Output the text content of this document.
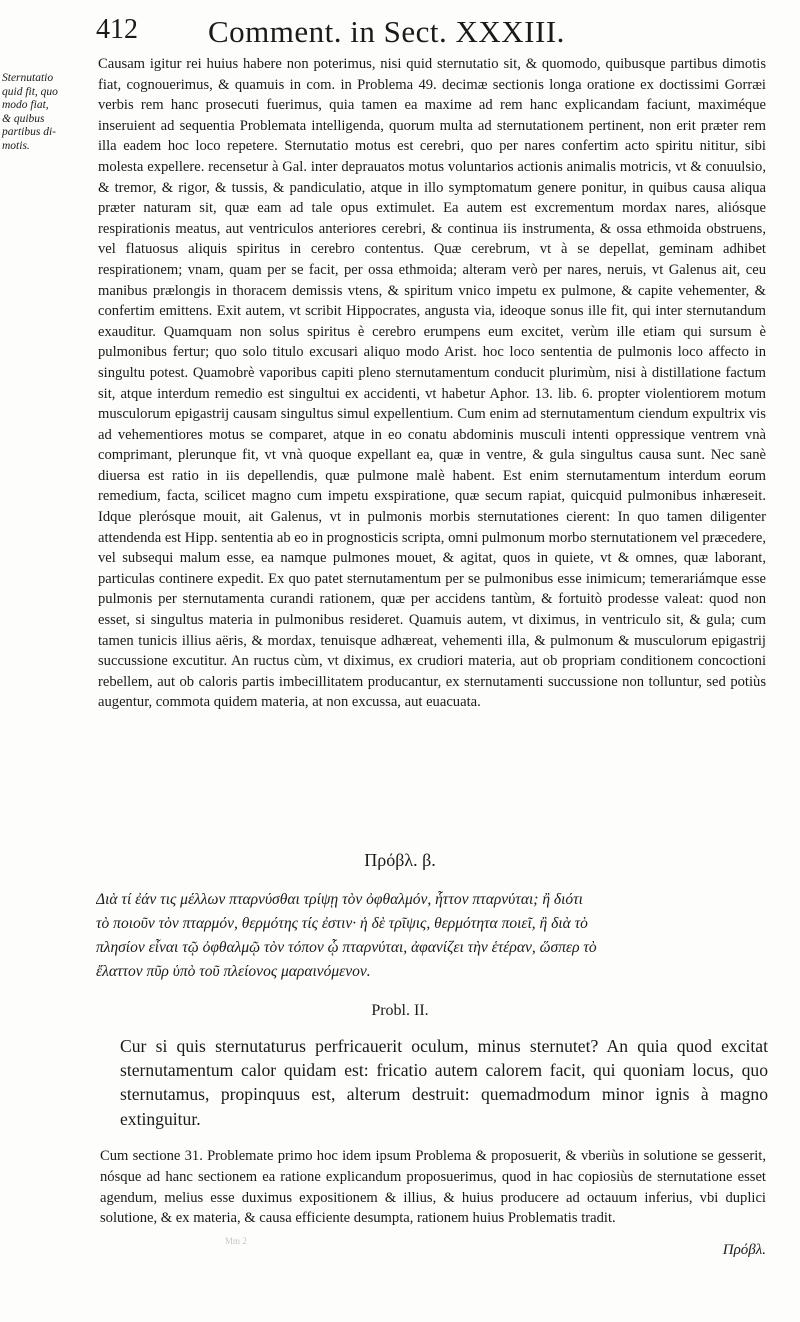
412 Comment. in Sect. XXXIII.
Sternutatio
quid fit, quo
modo fiat,
& quibus
partibus di-
motis.

Causam igitur rei huius habere non poterimus, nisi quid sternutatio sit, & quomodo, quibusque partibus dimotis fiat, cognouerimus, & quamuis in com. in Problema 49. decimæ sectionis longa oratione ex doctissimi Gorræi verbis rem hanc prosecuti fuerimus, quia tamen ea maxime ad rem hanc explicandam faciunt, maximéque inseruient ad sequentia Problemata intelligenda, quorum multa ad sternutationem pertinent, non erit præter rem illa eadem hoc loco repetere. Sternutatio motus est cerebri, quo per nares confertim acto spiritu nititur, sibi molesta expellere. recensetur à Gal. inter deprauatos motus voluntarios actionis animalis motricis, vt & conuulsio, & tremor, & rigor, & tussis, & pandiculatio, atque in illo symptomatum genere ponitur, in quibus causa aliqua præter naturam sit, quæ eam ad tale opus extimulet. Ea autem est excrementum mordax nares, aliósque respirationis meatus, aut ventriculos anteriores cerebri, & continua iis instrumenta, & ossa ethmoida obstruens, vel flatuosus aliquis spiritus in cerebro contentus. Quæ cerebrum, vt à se depellat, geminam adhibet respirationem; vnam, quam per se facit, per ossa ethmoida; alteram verò per nares, neruis, vt Galenus ait, ceu manibus prælongis in thoracem demissis vtens, & spiritum vnico impetu ex pulmone, & capite vehementer, & confertim emittens. Exit autem, vt scribit Hippocrates, angusta via, ideoque sonus ille fit, qui inter sternutandum exauditur. Quamquam non solus spiritus è cerebro erumpens eum excitet, verùm ille etiam qui sursum è pulmonibus fertur; quo solo titulo excusari aliquo modo Arist. hoc loco sententia de pulmonis loco affecto in singultu potest. Quamobrè vaporibus capiti pleno sternutamentum conducit plurimùm, nisi à distillatione factum sit, atque interdum remedio est singultui ex accidenti, vt habetur Aphor. 13. lib. 6. propter violentiorem motum musculorum epigastrij causam singultus simul expellentium. Cum enim ad sternutamentum ciendum expultrix vis ad vehementiores motus se comparet, atque in eo conatu abdominis musculi intenti oppressique ventrem vnà comprimant, plerunque fit, vt vnà quoque expellant ea, quæ in ventre, & gula singultus causa sunt. Nec sanè diuersa est ratio in iis depellendis, quæ pulmone malè habent. Est enim sternutamentum interdum eorum remedium, facta, scilicet magno cum impetu exspiratione, quæ secum rapiat, quicquid pulmonibus inhæreseit. Idque plerósque mouit, ait Galenus, vt in pulmonis morbis sternutationes cierent: In quo tamen diligenter attendenda est Hipp. sententia ab eo in prognosticis scripta, omni pulmonum morbo sternutationem vel præcedere, vel subsequi malum esse, ea namque pulmones mouet, & agitat, quos in quiete, vt & omnes, quæ laborant, particulas continere expedit. Ex quo patet sternutamentum per se pulmonibus esse inimicum; temerariámque esse pulmonis per sternutamenta curandi rationem, quæ per accidens tantùm, & fortuitò prodesse valeat: quod non esset, si singultus materia in pulmonibus resideret. Quamuis autem, vt diximus, in ventriculo sit, & gula; cum tamen tunicis illius aëris, & mordax, tenuisque adhæreat, vehementi illa, & pulmonum & musculorum epigastrij succussione excutitur. An ructus cùm, vt diximus, ex crudiori materia, aut ob propriam conditionem concoctioni rebellem, aut ob caloris partis imbecillitatem producantur, ex sternutamenti succussione non tolluntur, sed potiùs augentur, commota quidem materia, at non excussa, aut euacuata.

Πρόβλ. β.
Διὰ τί ἐάν τις μέλλων πταρνύσθαι τρίψῃ τὸν ὀφθαλμόν, ἧττον πταρνύται; ἢ διότι
τὸ ποιοῦν τὸν πταρμόν, θερμότης τίς ἐστιν· ἡ δὲ τρῖψις, θερμότητα ποιεῖ, ἢ διὰ τὸ
πλησίον εἶναι τῷ ὀφθαλμῷ τὸν τόπον ᾧ πταρνύται, ἀφανίζει τὴν ἑτέραν, ὥσπερ τὸ
ἔλαττον πῦρ ὑπὸ τοῦ πλείονος μαραινόμενον.
Probl. II.
Cur si quis sternutaturus perfricauerit oculum, minus sternutet? An quia quod excitat sternutamentum calor quidam est: fricatio autem calorem facit, qui quoniam locus, quo sternutamus, propinquus est, alterum destruit: quemadmodum minor ignis à magno extinguitur.
Cum sectione 31. Problemate primo hoc idem ipsum Problema & proposuerit, & vberiùs in solutione se gesserit, nósque ad hanc sectionem ea ratione explicandum proposuerimus, quod in hac copiosiùs de sternutatione esset agendum, melius esse duximus expositionem & illius, & huius producere ad octauum inferius, vbi duplici solutione, & ex materia, & causa efficiente desumpta, rationem huius Problematis tradit.
Mm 2
Πρόβλ.
